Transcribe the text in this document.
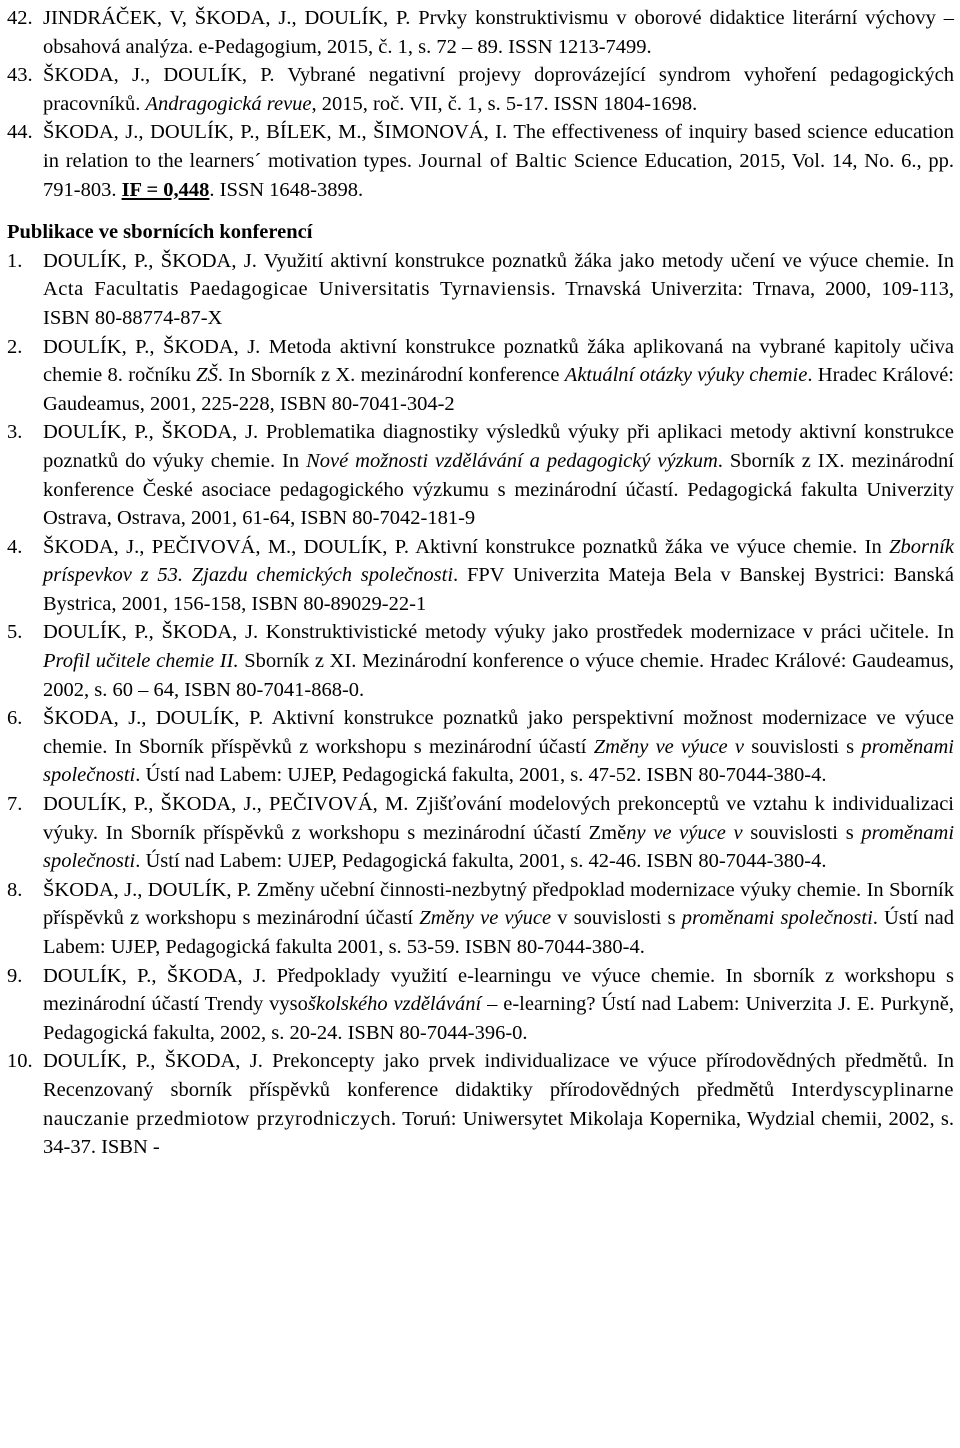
42. JINDRÁČEK, V, ŠKODA, J., DOULÍK, P. Prvky konstruktivismu v oborové didaktice literární výchovy – obsahová analýza. e-Pedagogium, 2015, č. 1, s. 72 – 89. ISSN 1213-7499.
43. ŠKODA, J., DOULÍK, P. Vybrané negativní projevy doprovázející syndrom vyhoření pedagogických pracovníků. Andragogická revue, 2015, roč. VII, č. 1, s. 5-17. ISSN 1804-1698.
44. ŠKODA, J., DOULÍK, P., BÍLEK, M., ŠIMONOVÁ, I. The effectiveness of inquiry based science education in relation to the learners´ motivation types. Journal of Baltic Science Education, 2015, Vol. 14, No. 6., pp. 791-803. IF = 0,448. ISSN 1648-3898.
Publikace ve sbornících konferencí
1.	DOULÍK, P., ŠKODA, J. Využití aktivní konstrukce poznatků žáka jako metody učení ve výuce chemie. In Acta Facultatis Paedagogicae Universitatis Tyrnaviensis. Trnavská Univerzita: Trnava, 2000, 109-113, ISBN 80-88774-87-X
2.	DOULÍK, P., ŠKODA, J. Metoda aktivní konstrukce poznatků žáka aplikovaná na vybrané kapitoly učiva chemie 8. ročníku ZŠ. In Sborník z X. mezinárodní konference Aktuální otázky výuky chemie. Hradec Králové: Gaudeamus, 2001, 225-228, ISBN 80-7041-304-2
3.	DOULÍK, P., ŠKODA, J. Problematika diagnostiky výsledků výuky při aplikaci metody aktivní konstrukce poznatků do výuky chemie. In Nové možnosti vzdělávání a pedagogický výzkum. Sborník z IX. mezinárodní konference České asociace pedagogického výzkumu s mezinárodní účastí. Pedagogická fakulta Univerzity Ostrava, Ostrava, 2001, 61-64, ISBN 80-7042-181-9
4.	ŠKODA, J., PEČIVOVÁ, M., DOULÍK, P. Aktivní konstrukce poznatků žáka ve výuce chemie. In Zborník príspevkov z 53. Zjazdu chemických společnosti. FPV Univerzita Mateja Bela v Banskej Bystrici: Banská Bystrica, 2001, 156-158, ISBN 80-89029-22-1
5.	DOULÍK, P., ŠKODA, J. Konstruktivistické metody výuky jako prostředek modernizace v práci učitele. In Profil učitele chemie II. Sborník z XI. Mezinárodní konference o výuce chemie. Hradec Králové: Gaudeamus, 2002, s. 60 – 64, ISBN 80-7041-868-0.
6.	ŠKODA, J., DOULÍK, P. Aktivní konstrukce poznatků jako perspektivní možnost modernizace ve výuce chemie. In Sborník příspěvků z workshopu s mezinárodní účastí Změny ve výuce v souvislosti s proměnami společnosti. Ústí nad Labem: UJEP, Pedagogická fakulta, 2001, s. 47-52. ISBN 80-7044-380-4.
7.	DOULÍK, P., ŠKODA, J., PEČIVOVÁ, M. Zjišťování modelových prekonceptů ve vztahu k individualizaci výuky. In Sborník příspěvků z workshopu s mezinárodní účastí Změny ve výuce v souvislosti s proměnami společnosti. Ústí nad Labem: UJEP, Pedagogická fakulta, 2001, s. 42-46. ISBN 80-7044-380-4.
8.	ŠKODA, J., DOULÍK, P. Změny učební činnosti-nezbytný předpoklad modernizace výuky chemie. In Sborník příspěvků z workshopu s mezinárodní účastí Změny ve výuce v souvislosti s proměnami společnosti. Ústí nad Labem: UJEP, Pedagogická fakulta 2001, s. 53-59. ISBN 80-7044-380-4.
9.	DOULÍK, P., ŠKODA, J. Předpoklady využití e-learningu ve výuce chemie. In sborník z workshopu s mezinárodní účastí Trendy vysoškolského vzdělávání – e-learning? Ústí nad Labem: Univerzita J. E. Purkyně, Pedagogická fakulta, 2002, s. 20-24. ISBN 80-7044-396-0.
10. DOULÍK, P., ŠKODA, J. Prekoncepty jako prvek individualizace ve výuce přírodovědných předmětů. In Recenzovaný sborník příspěvků konference didaktiky přírodovědných předmětů Interdyscyplinarne nauczanie przedmiotow przyrodniczych. Toruń: Uniwersytet Mikolaja Kopernika, Wydzial chemii, 2002, s. 34-37. ISBN -
